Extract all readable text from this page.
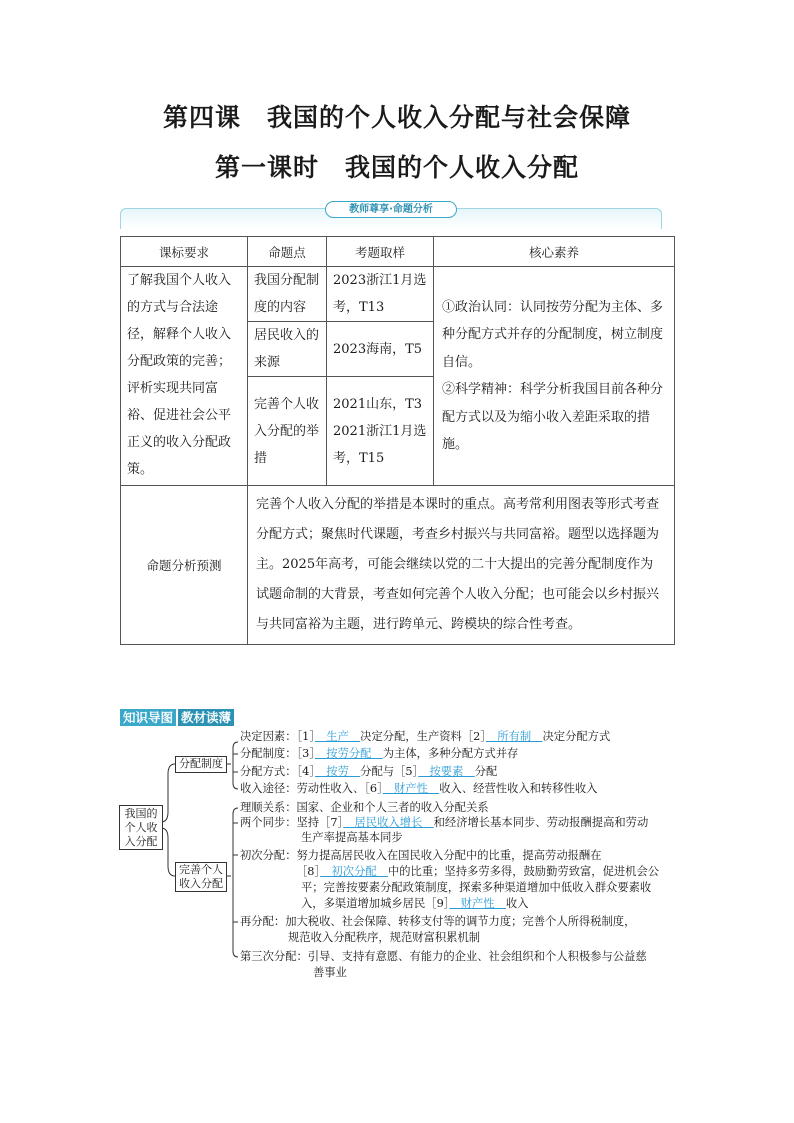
第四课　我国的个人收入分配与社会保障
第一课时　我国的个人收入分配
教师尊享·命题分析
课标要求	命题点	考题取样	核心素养
了解我国个人收入的方式与合法途径，解释个人收入分配政策的完善；评析实现共同富裕、促进社会公平正义的收入分配政策。	我国分配制度的内容	2023浙江1月选考，T13	①政治认同：认同按劳分配为主体、多种分配方式并存的分配制度，树立制度自信。
②科学精神：科学分析我国目前各种分配方式以及为缩小收入差距采取的措施。

	居民收入的来源	2023海南，T5	
	完善个人收入分配的举措	2021山东，T3
2021浙江1月选考，T15	
命题分析预测	完善个人收入分配的举措是本课时的重点。高考常利用图表等形式考查分配方式；聚焦时代课题，考查乡村振兴与共同富裕。题型以选择题为主。2025年高考，可能会继续以党的二十大提出的完善分配制度作为试题命制的大背景，考查如何完善个人收入分配；也可能会以乡村振兴与共同富裕为主题，进行跨单元、跨模块的综合性考查。		
知识导图 教材读薄
我国的个人收入分配
分配制度
完善个人收入分配
决定因素：［1］　生产　决定分配，生产资料［2］　所有制　决定分配方式
分配制度：［3］　按劳分配　为主体，多种分配方式并存
分配方式：［4］　按劳　分配与［5］　按要素　分配
收入途径：劳动性收入、［6］　财产性　收入、经营性收入和转移性收入
理顺关系：国家、企业和个人三者的收入分配关系
两个同步：坚持［7］　居民收入增长　和经济增长基本同步、劳动报酬提高和劳动
生产率提高基本同步
初次分配：努力提高居民收入在国民收入分配中的比重，提高劳动报酬在
［8］　初次分配　中的比重；坚持多劳多得，鼓励勤劳致富，促进机会公
平；完善按要素分配政策制度，探索多种渠道增加中低收入群众要素收
入，多渠道增加城乡居民［9］　财产性　收入
再分配：加大税收、社会保障、转移支付等的调节力度；完善个人所得税制度，
规范收入分配秩序，规范财富积累机制
第三次分配：引导、支持有意愿、有能力的企业、社会组织和个人积极参与公益慈
善事业
